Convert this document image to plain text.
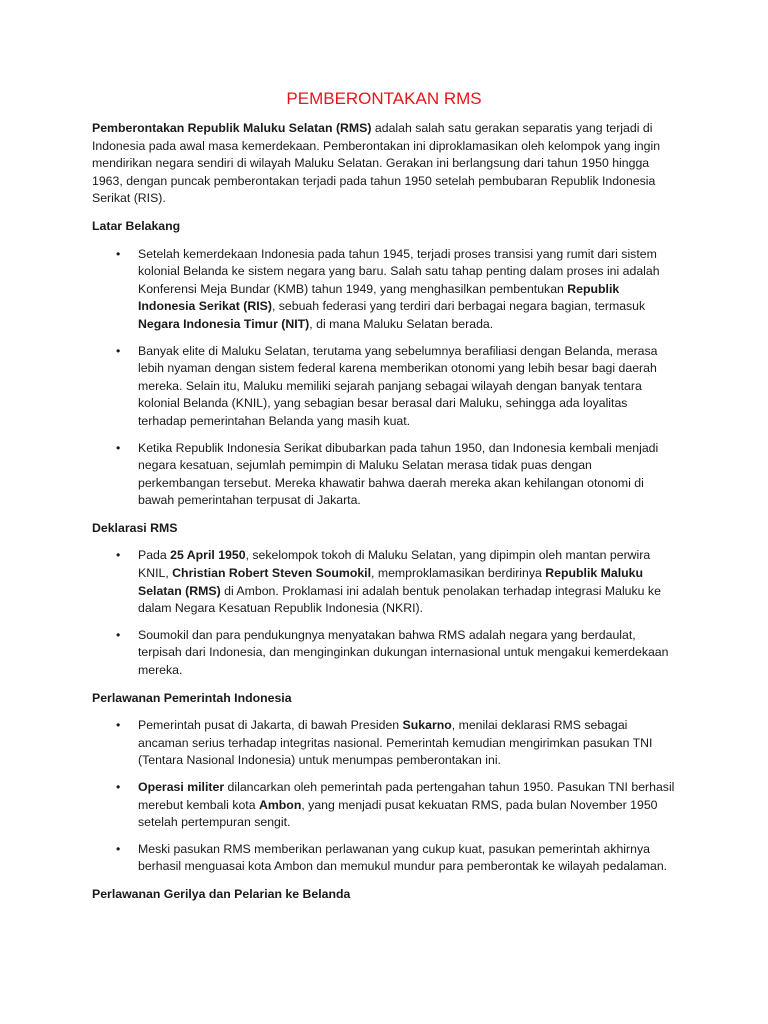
PEMBERONTAKAN RMS

Pemberontakan Republik Maluku Selatan (RMS) adalah salah satu gerakan separatis yang terjadi di Indonesia pada awal masa kemerdekaan. Pemberontakan ini diproklamasikan oleh kelompok yang ingin mendirikan negara sendiri di wilayah Maluku Selatan. Gerakan ini berlangsung dari tahun 1950 hingga 1963, dengan puncak pemberontakan terjadi pada tahun 1950 setelah pembubaran Republik Indonesia Serikat (RIS).

Latar Belakang

• Setelah kemerdekaan Indonesia pada tahun 1945, terjadi proses transisi yang rumit dari sistem kolonial Belanda ke sistem negara yang baru. Salah satu tahap penting dalam proses ini adalah Konferensi Meja Bundar (KMB) tahun 1949, yang menghasilkan pembentukan Republik Indonesia Serikat (RIS), sebuah federasi yang terdiri dari berbagai negara bagian, termasuk Negara Indonesia Timur (NIT), di mana Maluku Selatan berada.
• Banyak elite di Maluku Selatan, terutama yang sebelumnya berafiliasi dengan Belanda, merasa lebih nyaman dengan sistem federal karena memberikan otonomi yang lebih besar bagi daerah mereka. Selain itu, Maluku memiliki sejarah panjang sebagai wilayah dengan banyak tentara kolonial Belanda (KNIL), yang sebagian besar berasal dari Maluku, sehingga ada loyalitas terhadap pemerintahan Belanda yang masih kuat.
• Ketika Republik Indonesia Serikat dibubarkan pada tahun 1950, dan Indonesia kembali menjadi negara kesatuan, sejumlah pemimpin di Maluku Selatan merasa tidak puas dengan perkembangan tersebut. Mereka khawatir bahwa daerah mereka akan kehilangan otonomi di bawah pemerintahan terpusat di Jakarta.

Deklarasi RMS

• Pada 25 April 1950, sekelompok tokoh di Maluku Selatan, yang dipimpin oleh mantan perwira KNIL, Christian Robert Steven Soumokil, memproklamasikan berdirinya Republik Maluku Selatan (RMS) di Ambon. Proklamasi ini adalah bentuk penolakan terhadap integrasi Maluku ke dalam Negara Kesatuan Republik Indonesia (NKRI).
• Soumokil dan para pendukungnya menyatakan bahwa RMS adalah negara yang berdaulat, terpisah dari Indonesia, dan menginginkan dukungan internasional untuk mengakui kemerdekaan mereka.

Perlawanan Pemerintah Indonesia

• Pemerintah pusat di Jakarta, di bawah Presiden Sukarno, menilai deklarasi RMS sebagai ancaman serius terhadap integritas nasional. Pemerintah kemudian mengirimkan pasukan TNI (Tentara Nasional Indonesia) untuk menumpas pemberontakan ini.
• Operasi militer dilancarkan oleh pemerintah pada pertengahan tahun 1950. Pasukan TNI berhasil merebut kembali kota Ambon, yang menjadi pusat kekuatan RMS, pada bulan November 1950 setelah pertempuran sengit.
• Meski pasukan RMS memberikan perlawanan yang cukup kuat, pasukan pemerintah akhirnya berhasil menguasai kota Ambon dan memukul mundur para pemberontak ke wilayah pedalaman.

Perlawanan Gerilya dan Pelarian ke Belanda
